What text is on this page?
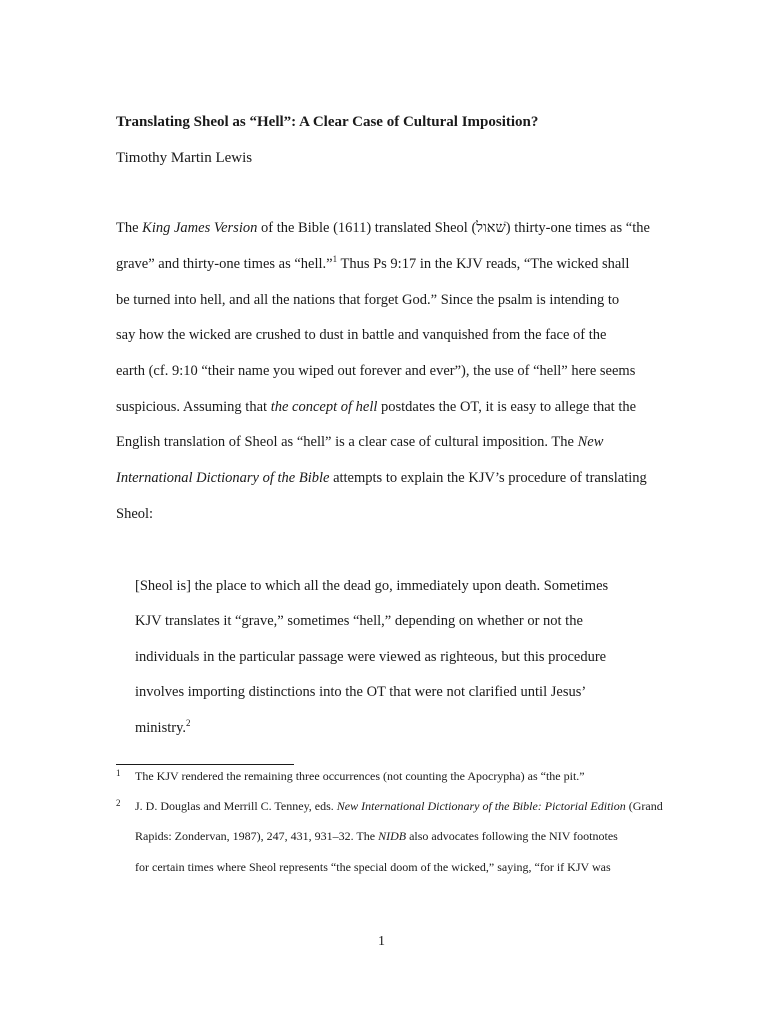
Translating Sheol as “Hell”: A Clear Case of Cultural Imposition?
Timothy Martin Lewis
The King James Version of the Bible (1611) translated Sheol (שׁאול) thirty-one times as “the
grave” and thirty-one times as “hell.”$^1$ Thus Ps 9:17 in the KJV reads, “The wicked shall
be turned into hell, and all the nations that forget God.” Since the psalm is intending to
say how the wicked are crushed to dust in battle and vanquished from the face of the
earth (cf. 9:10 “their name you wiped out forever and ever”), the use of “hell” here seems
suspicious. Assuming that the concept of hell postdates the OT, it is easy to allege that the
English translation of Sheol as “hell” is a clear case of cultural imposition. The New
International Dictionary of the Bible attempts to explain the KJV’s procedure of translating
Sheol:
[Sheol is] the place to which all the dead go, immediately upon death. Sometimes
KJV translates it “grave,” sometimes “hell,” depending on whether or not the
individuals in the particular passage were viewed as righteous, but this procedure
involves importing distinctions into the OT that were not clarified until Jesus’
ministry.$^2$
1 The KJV rendered the remaining three occurrences (not counting the Apocrypha) as “the pit.”
2 J. D. Douglas and Merrill C. Tenney, eds. New International Dictionary of the Bible: Pictorial Edition (Grand
Rapids: Zondervan, 1987), 247, 431, 931–32. The NIDB also advocates following the NIV footnotes
for certain times where Sheol represents “the special doom of the wicked,” saying, “for if KJV was
1
